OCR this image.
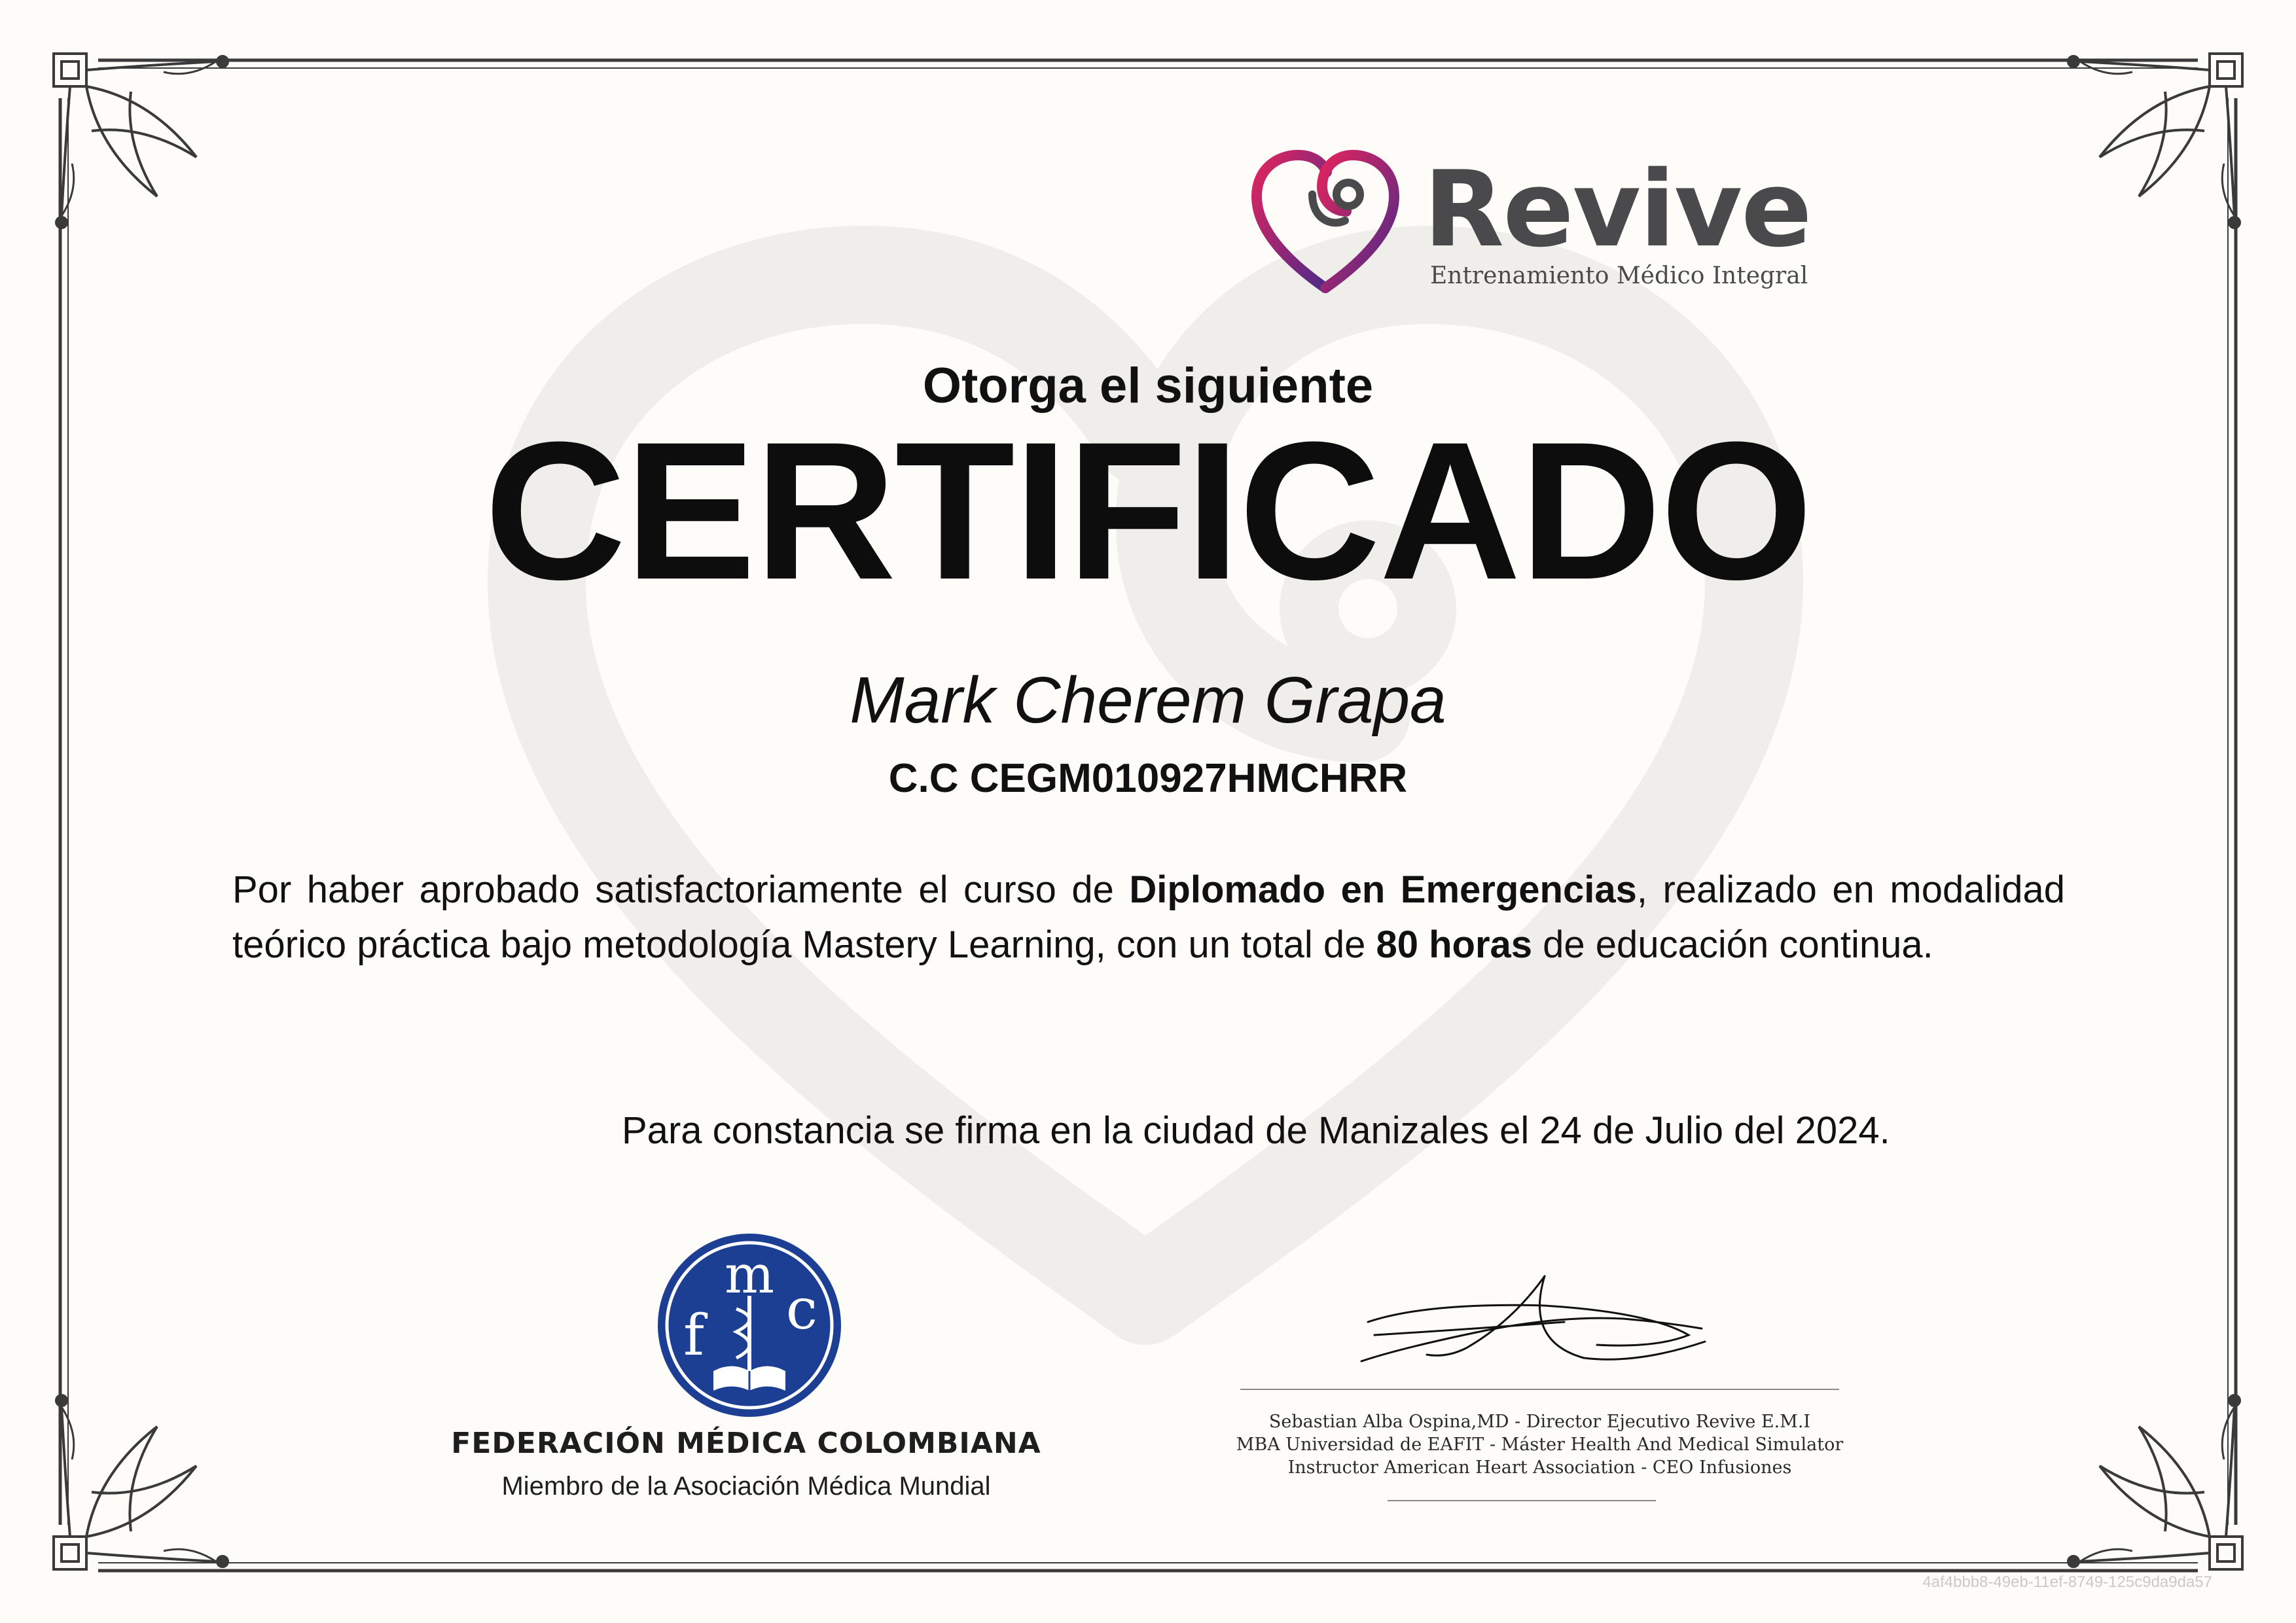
Revive
Entrenamiento Médico Integral
Otorga el siguiente
CERTIFICADO
Mark Cherem Grapa
C.C CEGM010927HMCHRR
Por haber aprobado satisfactoriamente el curso de Diplomado en Emergencias, realizado en modalidad teórico práctica bajo metodología Mastery Learning, con un total de 80 horas de educación continua.
Para constancia se firma en la ciudad de Manizales el 24 de Julio del 2024.
m
f c
FEDERACIÓN MÉDICA COLOMBIANA
Miembro de la Asociación Médica Mundial
Sebastian Alba Ospina,MD - Director Ejecutivo Revive E.M.I
MBA Universidad de EAFIT - Máster Health And Medical Simulator
Instructor American Heart Association - CEO Infusiones
4af4bbb8-49eb-11ef-8749-125c9da9da57
